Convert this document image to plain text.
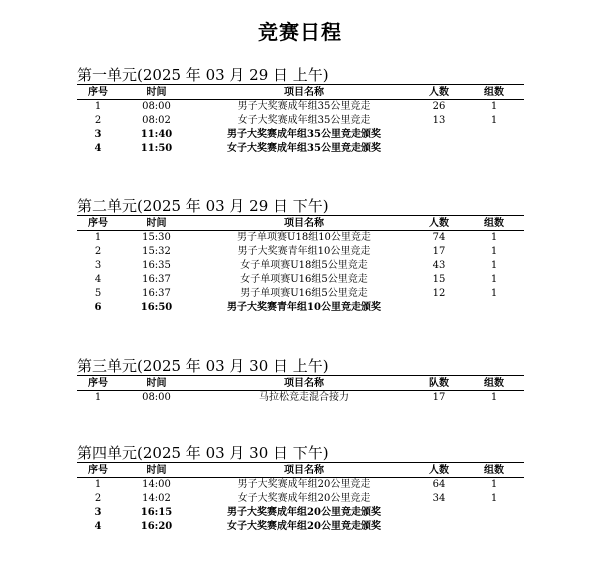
竞赛日程
第一单元(2025 年 03 月 29 日 上午)
序号	时间	项目名称	人数	组数
1	08:00	男子大奖赛成年组35公里竞走	26	1
2	08:02	女子大奖赛成年组35公里竞走	13	1
3	11:40	男子大奖赛成年组35公里竞走颁奖		
4	11:50	女子大奖赛成年组35公里竞走颁奖		
第二单元(2025 年 03 月 29 日 下午)
序号	时间	项目名称	人数	组数
1	15:30	男子单项赛U18组10公里竞走	74	1
2	15:32	男子大奖赛青年组10公里竞走	17	1
3	16:35	女子单项赛U18组5公里竞走	43	1
4	16:37	女子单项赛U16组5公里竞走	15	1
5	16:37	男子单项赛U16组5公里竞走	12	1
6	16:50	男子大奖赛青年组10公里竞走颁奖		
第三单元(2025 年 03 月 30 日 上午)
序号	时间	项目名称	队数	组数
1	08:00	马拉松竞走混合接力	17	1
第四单元(2025 年 03 月 30 日 下午)
序号	时间	项目名称	人数	组数
1	14:00	男子大奖赛成年组20公里竞走	64	1
2	14:02	女子大奖赛成年组20公里竞走	34	1
3	16:15	男子大奖赛成年组20公里竞走颁奖		
4	16:20	女子大奖赛成年组20公里竞走颁奖		
